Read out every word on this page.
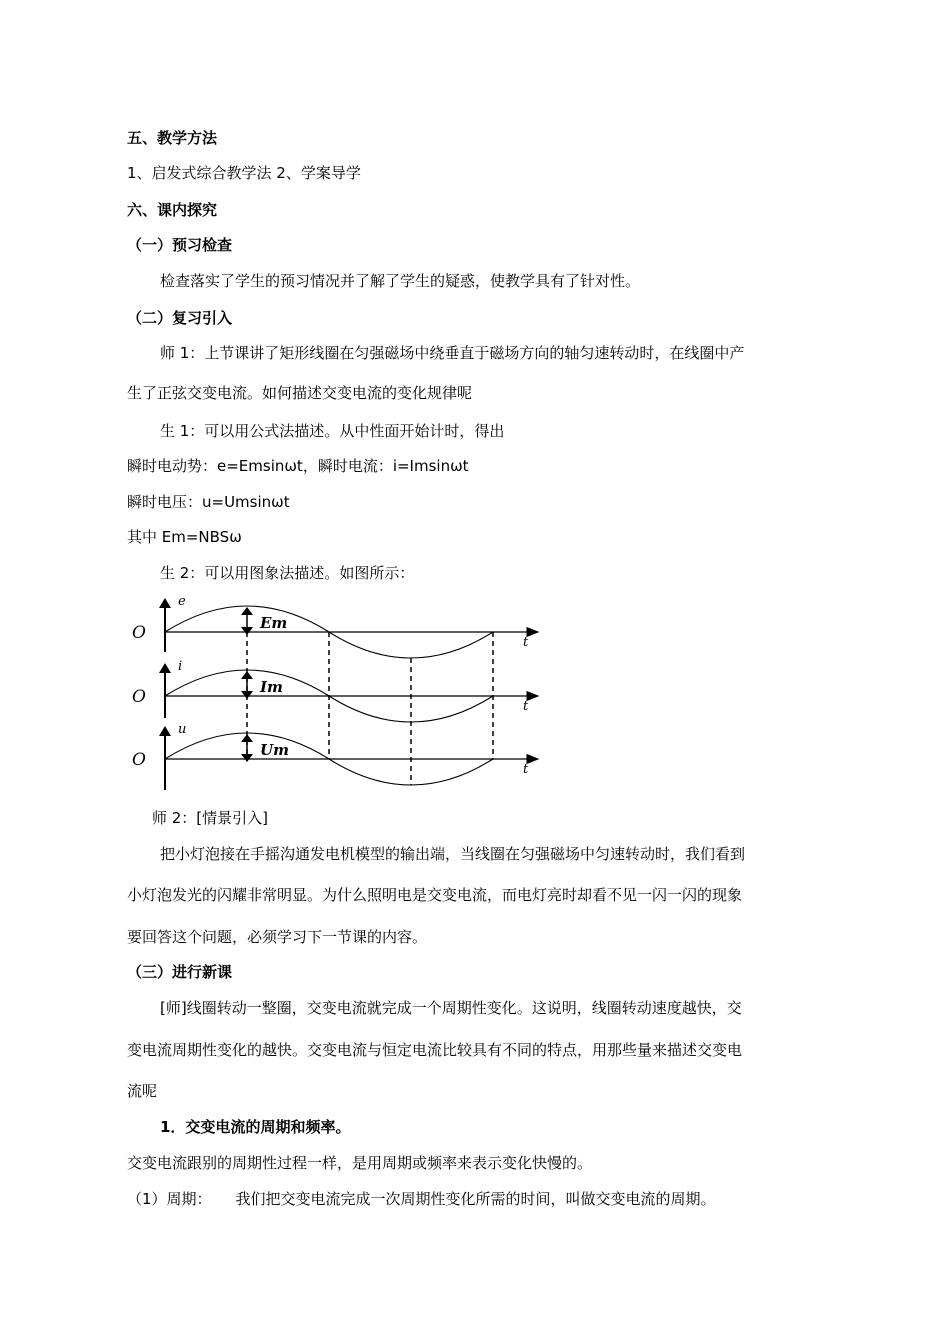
五、教学方法
1、启发式综合教学法 2、学案导学
六、课内探究
（一）预习检查
检查落实了学生的预习情况并了解了学生的疑惑，使教学具有了针对性。
（二）复习引入
师 1：上节课讲了矩形线圈在匀强磁场中绕垂直于磁场方向的轴匀速转动时，在线圈中产
生了正弦交变电流。如何描述交变电流的变化规律呢
生 1：可以用公式法描述。从中性面开始计时，得出
瞬时电动势：e=Emsinωt，瞬时电流：i=Imsinωt
瞬时电压：u=Umsinωt
其中 Em=NBSω
生 2：可以用图象法描述。如图所示：
O
e
t
Em
O
i
t
Im
O
u
t
Um
师 2：[情景引入]
把小灯泡接在手摇沟通发电机模型的输出端，当线圈在匀强磁场中匀速转动时，我们看到
小灯泡发光的闪耀非常明显。为什么照明电是交变电流，而电灯亮时却看不见一闪一闪的现象
要回答这个问题，必须学习下一节课的内容。
（三）进行新课
[师]线圈转动一整圈，交变电流就完成一个周期性变化。这说明，线圈转动速度越快，交
变电流周期性变化的越快。交变电流与恒定电流比较具有不同的特点，用那些量来描述交变电
流呢
1．交变电流的周期和频率。
交变电流跟别的周期性过程一样，是用周期或频率来表示变化快慢的。
（1）周期： 我们把交变电流完成一次周期性变化所需的时间，叫做交变电流的周期。
